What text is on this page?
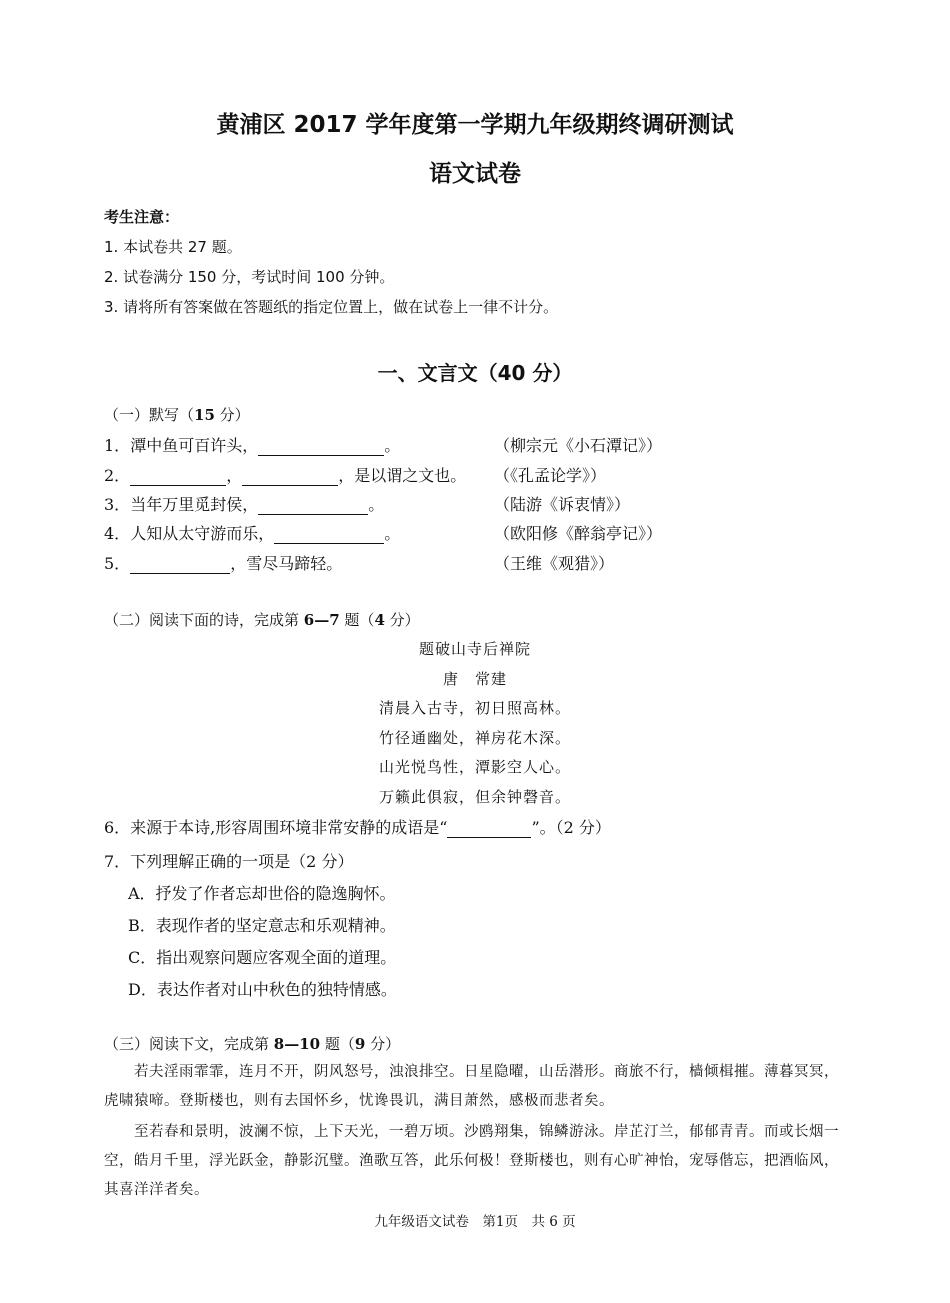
黄浦区 2017 学年度第一学期九年级期终调研测试
语文试卷
考生注意：
1. 本试卷共 27 题。
2. 试卷满分 150 分，考试时间 100 分钟。
3. 请将所有答案做在答题纸的指定位置上，做在试卷上一律不计分。
一、文言文（40 分）
（一）默写（15 分）
1．潭中鱼可百许头，	。	（柳宗元《小石潭记》）
2．	，	，是以谓之文也。 （《孔孟论学》）
3．当年万里觅封侯，	。	（陆游《诉衷情》）
4．人知从太守游而乐，	。	（欧阳修《醉翁亭记》）
5．	，雪尽马蹄轻。	（王维《观猎》）
（二）阅读下面的诗，完成第 6—7 题（4 分）
题破山寺后禅院
唐　常建
清晨入古寺，初日照高林。
竹径通幽处，禅房花木深。
山光悦鸟性，潭影空人心。
万籁此俱寂，但余钟磬音。
6．来源于本诗,形容周围环境非常安静的成语是“	”。（2 分）
7．下列理解正确的一项是（2 分）
A．抒发了作者忘却世俗的隐逸胸怀。
B．表现作者的坚定意志和乐观精神。
C．指出观察问题应客观全面的道理。
D．表达作者对山中秋色的独特情感。
（三）阅读下文，完成第 8—10 题（9 分）
若夫淫雨霏霏，连月不开，阴风怒号，浊浪排空。日星隐曜，山岳潜形。商旅不行，樯倾楫摧。薄暮冥冥，虎啸猿啼。登斯楼也，则有去国怀乡，忧谗畏讥，满目萧然，感极而悲者矣。
至若春和景明，波澜不惊，上下天光，一碧万顷。沙鸥翔集，锦鳞游泳。岸芷汀兰，郁郁青青。而或长烟一空，皓月千里，浮光跃金，静影沉璧。渔歌互答，此乐何极！登斯楼也，则有心旷神怡，宠辱偕忘，把酒临风，其喜洋洋者矣。
九年级语文试卷　第1页　共 6 页
